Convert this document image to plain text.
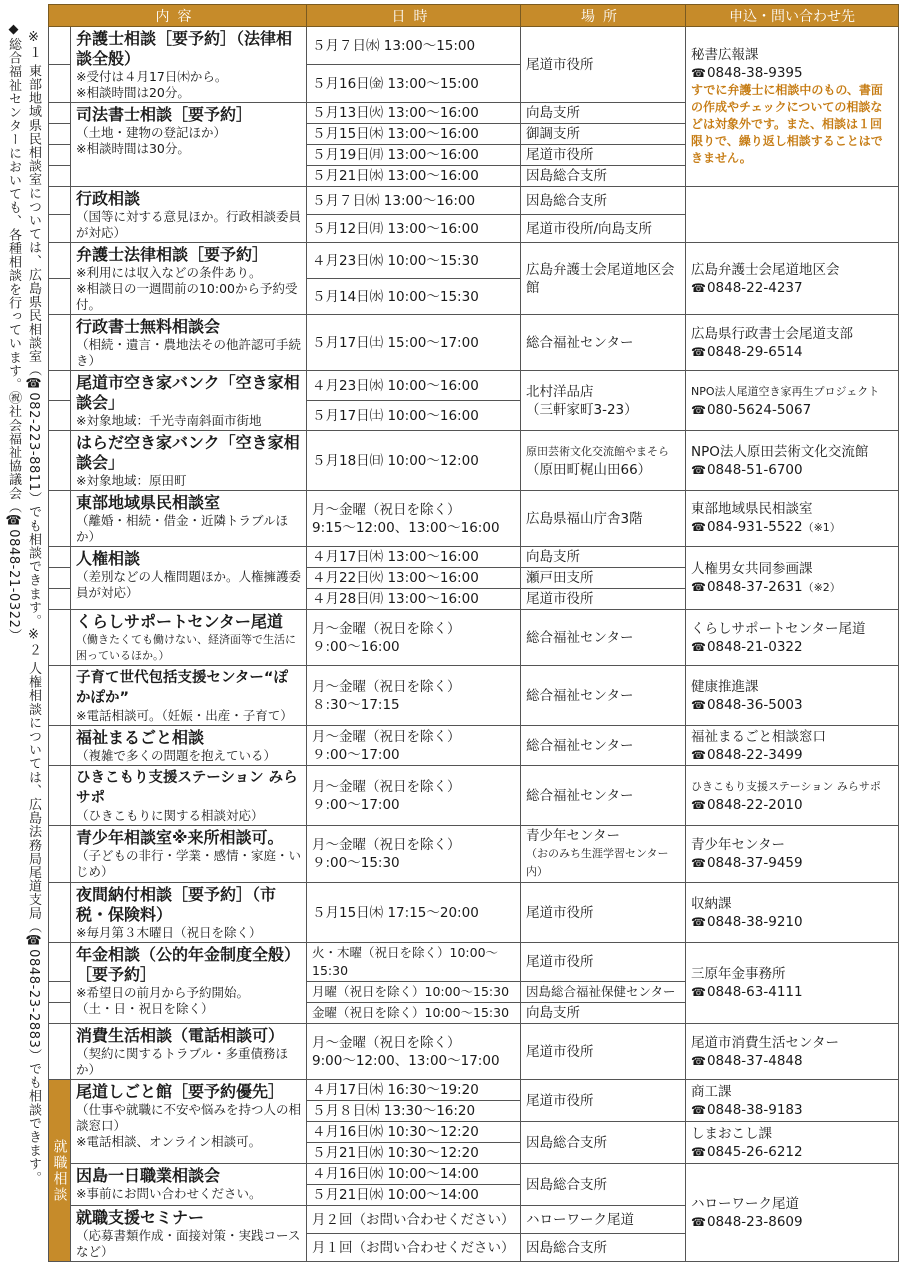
※１ 東部地域県民相談室については、広島県民相談室（☎082-223-8811）でも相談できます。※２ 人権相談については、広島法務局尾道支局（☎0848-23-2883）でも相談できます。
◆総合福祉センターにおいても、各種相談を行っています。㊗社会福祉協議会（☎0848-21-0322）
内容		日時	場所	申込・問い合わせ先

	弁護士相談［要予約］（法律相談全般）
※受付は４月17日㈭から。
※相談時間は20分。	５月７日㈬ 13:00～15:00	尾道市役所	秘書広報課
☎ 0848-38-9395
すでに弁護士に相談中のもの、書面の作成やチェックについての相談などは対象外です。また、相談は１回限りで、繰り返し相談することはできません。

		５月16日㈮ 13:00～15:00		

	司法書士相談［要予約］
（土地・建物の登記ほか）
※相談時間は30分。	５月13日㈫ 13:00～16:00	向島支所	
		５月15日㈭ 13:00～16:00	御調支所	
		５月19日㈪ 13:00～16:00	尾道市役所	
		５月21日㈬ 13:00～16:00	因島総合支所	

	行政相談
（国等に対する意見ほか。行政相談委員が対応）	５月７日㈬ 13:00～16:00	因島総合支所	
		５月12日㈪ 13:00～16:00	尾道市役所/向島支所	

	弁護士法律相談［要予約］
※利用には収入などの条件あり。
※相談日の一週間前の10:00から予約受付。	４月23日㈬ 10:00～15:30	広島弁護士会尾道地区会館	広島弁護士会尾道地区会
☎ 0848-22-4237
		５月14日㈬ 10:00～15:30		

	行政書士無料相談会
（相続・遺言・農地法その他許認可手続き）	５月17日㈯ 15:00～17:00	総合福祉センター	広島県行政書士会尾道支部
☎ 0848-29-6514

	尾道市空き家バンク「空き家相談会」
※対象地域：千光寺南斜面市街地	４月23日㈬ 10:00～16:00	北村洋品店
（三軒家町3-23）	NPO法人尾道空き家再生プロジェクト
☎ 080-5624-5067
		５月17日㈯ 10:00～16:00		

	はらだ空き家バンク「空き家相談会」
※対象地域：原田町	５月18日㈰ 10:00～12:00	原田芸術文化交流館やまそら
（原田町梶山田66）	NPO法人原田芸術文化交流館
☎ 0848-51-6700

	東部地域県民相談室
（離婚・相続・借金・近隣トラブルほか）	月～金曜（祝日を除く）
9:15～12:00、13:00～16:00	広島県福山庁舎3階	東部地域県民相談室
☎ 084-931-5522（※1）

	人権相談
（差別などの人権問題ほか。人権擁護委員が対応）	４月17日㈭ 13:00～16:00	向島支所	人権男女共同参画課
☎ 0848-37-2631（※2）
		４月22日㈫ 13:00～16:00	瀬戸田支所	
		４月28日㈪ 13:00～16:00	尾道市役所	

	くらしサポートセンター尾道
（働きたくても働けない、経済面等で生活に困っているほか。）	月～金曜（祝日を除く）
９:00～16:00	総合福祉センター	くらしサポートセンター尾道
☎ 0848-21-0322

	子育て世代包括支援センター“ぽかぽか”
※電話相談可。（妊娠・出産・子育て）	月～金曜（祝日を除く）
８:30～17:15	総合福祉センター	健康推進課
☎ 0848-36-5003

	福祉まるごと相談
（複雑で多くの問題を抱えている）	月～金曜（祝日を除く）
９:00～17:00	総合福祉センター	福祉まるごと相談窓口
☎ 0848-22-3499

	ひきこもり支援ステーション みらサポ
（ひきこもりに関する相談対応）	月～金曜（祝日を除く）
９:00～17:00	総合福祉センター	ひきこもり支援ステーション みらサポ
☎ 0848-22-2010

	青少年相談室※来所相談可。
（子どもの非行・学業・感情・家庭・いじめ）	月～金曜（祝日を除く）
９:00～15:30	青少年センター
（おのみち生涯学習センター内）	青少年センター
☎ 0848-37-9459

	夜間納付相談［要予約］（市税・保険料）
※毎月第３木曜日（祝日を除く）	５月15日㈭ 17:15～20:00	尾道市役所	収納課
☎ 0848-38-9210

	年金相談（公的年金制度全般）［要予約］
※希望日の前月から予約開始。
（土・日・祝日を除く）	火・木曜（祝日を除く）10:00～15:30	尾道市役所	三原年金事務所
☎ 0848-63-4111
		月曜（祝日を除く）10:00～15:30	因島総合福祉保健センター	
		金曜（祝日を除く）10:00～15:30	向島支所	

	消費生活相談（電話相談可）
（契約に関するトラブル・多重債務ほか）	月～金曜（祝日を除く）
9:00～12:00、13:00～17:00	尾道市役所	尾道市消費生活センター
☎ 0848-37-4848
就職相談	尾道しごと館［要予約優先］
（仕事や就職に不安や悩みを持つ人の相談窓口）
※電話相談、オンライン相談可。	４月17日㈭ 16:30～19:20	尾道市役所	商工課
☎ 0848-38-9183
		５月８日㈭ 13:30～16:20		
		４月16日㈬ 10:30～12:20	因島総合支所	しまおこし課
☎ 0845-26-6212
		５月21日㈬ 10:30～12:20		

	因島一日職業相談会
※事前にお問い合わせください。	４月16日㈬ 10:00～14:00	因島総合支所	ハローワーク尾道
☎ 0848-23-8609
		５月21日㈬ 10:00～14:00		

	就職支援セミナー
（応募書類作成・面接対策・実践コースなど）	月２回（お問い合わせください）	ハローワーク尾道	
		月１回（お問い合わせください）	因島総合支所	
